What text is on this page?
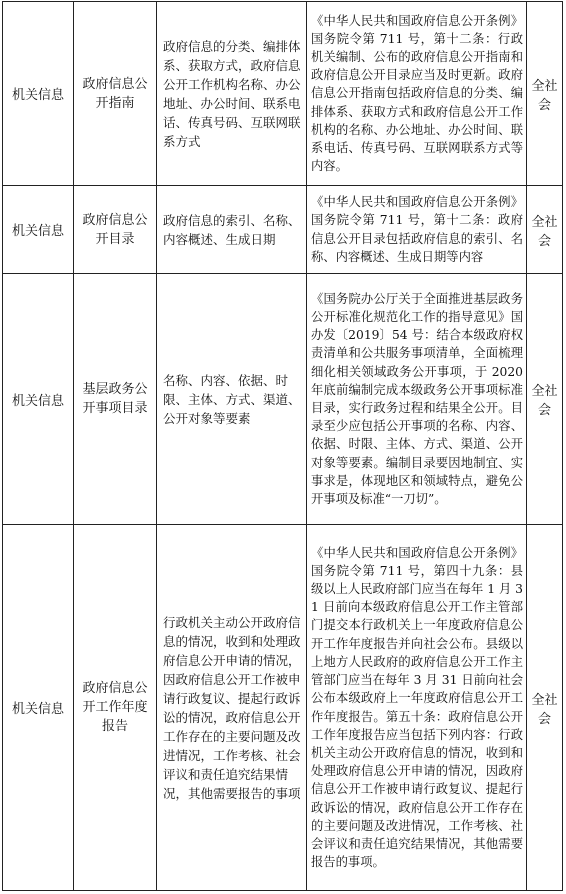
机关信息	政府信息公开指南	政府信息的分类、编排体系、获取方式，政府信息公开工作机构名称、办公地址、办公时间、联系电话、传真号码、互联网联系方式	《中华人民共和国政府信息公开条例》国务院令第 711 号，第十二条：行政机关编制、公布的政府信息公开指南和政府信息公开目录应当及时更新。政府信息公开指南包括政府信息的分类、编排体系、获取方式和政府信息公开工作机构的名称、办公地址、办公时间、联系电话、传真号码、互联网联系方式等内容。	全社会

机关信息	政府信息公开目录	政府信息的索引、名称、内容概述、生成日期	《中华人民共和国政府信息公开条例》国务院令第 711 号，第十二条：政府信息公开目录包括政府信息的索引、名称、内容概述、生成日期等内容	全社会

机关信息	基层政务公开事项目录	名称、内容、依据、时限、主体、方式、渠道、公开对象等要素	《国务院办公厅关于全面推进基层政务公开标准化规范化工作的指导意见》国办发〔2019〕54 号：结合本级政府权责清单和公共服务事项清单，全面梳理细化相关领域政务公开事项，于 2020 年底前编制完成本级政务公开事项标准目录，实行政务过程和结果全公开。目录至少应包括公开事项的名称、内容、依据、时限、主体、方式、渠道、公开对象等要素。编制目录要因地制宜、实事求是，体现地区和领域特点，避免公开事项及标准“一刀切”。	全社会

机关信息	政府信息公开工作年度报告	行政机关主动公开政府信息的情况，收到和处理政府信息公开申请的情况，因政府信息公开工作被申请行政复议、提起行政诉讼的情况，政府信息公开工作存在的主要问题及改进情况，工作考核、社会评议和责任追究结果情况，其他需要报告的事项	《中华人民共和国政府信息公开条例》国务院令第 711 号，第四十九条：县级以上人民政府部门应当在每年 1 月 31 日前向本级政府信息公开工作主管部门提交本行政机关上一年度政府信息公开工作年度报告并向社会公布。县级以上地方人民政府的政府信息公开工作主管部门应当在每年 3 月 31 日前向社会公布本级政府上一年度政府信息公开工作年度报告。第五十条：政府信息公开工作年度报告应当包括下列内容：行政机关主动公开政府信息的情况，收到和处理政府信息公开申请的情况，因政府信息公开工作被申请行政复议、提起行政诉讼的情况，政府信息公开工作存在的主要问题及改进情况，工作考核、社会评议和责任追究结果情况，其他需要报告的事项。	全社会
